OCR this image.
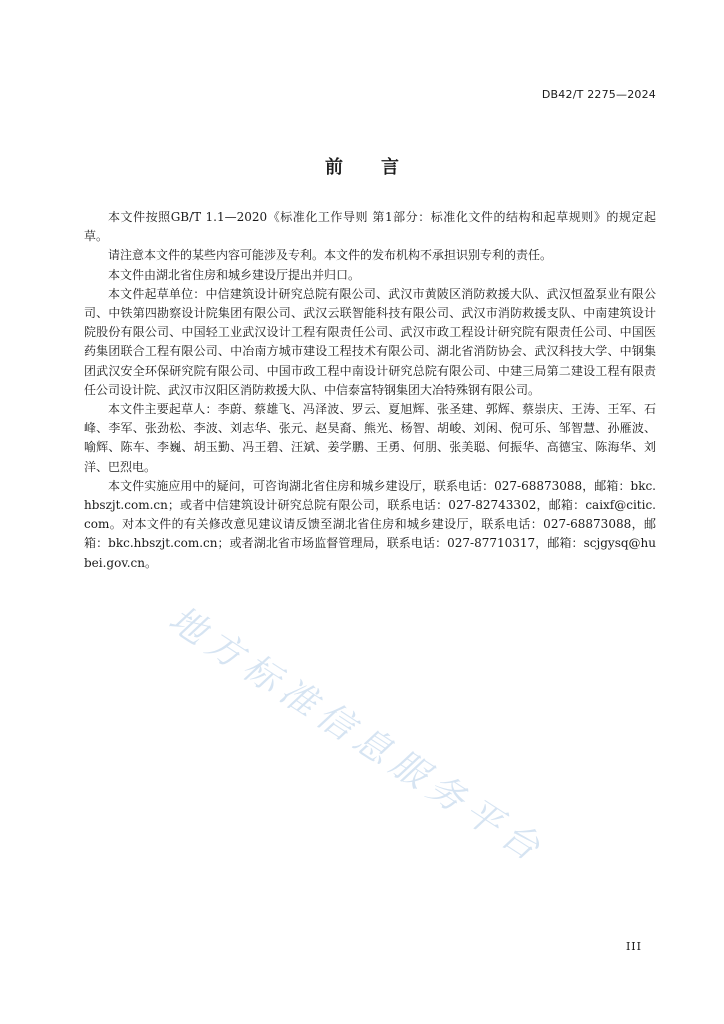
DB42/T 2275—2024
前言

本文件按照GB/T 1.1—2020《标准化工作导则 第1部分：标准化文件的结构和起草规则》的规定起草。

请注意本文件的某些内容可能涉及专利。本文件的发布机构不承担识别专利的责任。

本文件由湖北省住房和城乡建设厅提出并归口。

本文件起草单位：中信建筑设计研究总院有限公司、武汉市黄陂区消防救援大队、武汉恒盈泵业有限公司、中铁第四勘察设计院集团有限公司、武汉云联智能科技有限公司、武汉市消防救援支队、中南建筑设计院股份有限公司、中国轻工业武汉设计工程有限责任公司、武汉市政工程设计研究院有限责任公司、中国医药集团联合工程有限公司、中冶南方城市建设工程技术有限公司、湖北省消防协会、武汉科技大学、中钢集团武汉安全环保研究院有限公司、中国市政工程中南设计研究总院有限公司、中建三局第二建设工程有限责任公司设计院、武汉市汉阳区消防救援大队、中信泰富特钢集团大冶特殊钢有限公司。

本文件主要起草人：李蔚、蔡雄飞、冯泽波、罗云、夏旭辉、张圣建、郭辉、蔡崇庆、王涛、王军、石峰、李军、张劲松、李波、刘志华、张元、赵昊裔、熊光、杨智、胡峻、刘闲、倪可乐、邹智慧、孙雁波、喻辉、陈车、李巍、胡玉勤、冯王碧、汪斌、姜学鹏、王勇、何朋、张美聪、何振华、高德宝、陈海华、刘洋、巴烈电。

本文件实施应用中的疑问，可咨询湖北省住房和城乡建设厅，联系电话：027-68873088，邮箱：bkc.hbszjt.com.cn；或者中信建筑设计研究总院有限公司，联系电话：027-82743302，邮箱：caixf@citic.com。对本文件的有关修改意见建议请反馈至湖北省住房和城乡建设厅，联系电话：027-68873088，邮箱：bkc.hbszjt.com.cn；或者湖北省市场监督管理局，联系电话：027-87710317，邮箱：scjgysq@hubei.gov.cn。

地方标准信息服务平台
III
